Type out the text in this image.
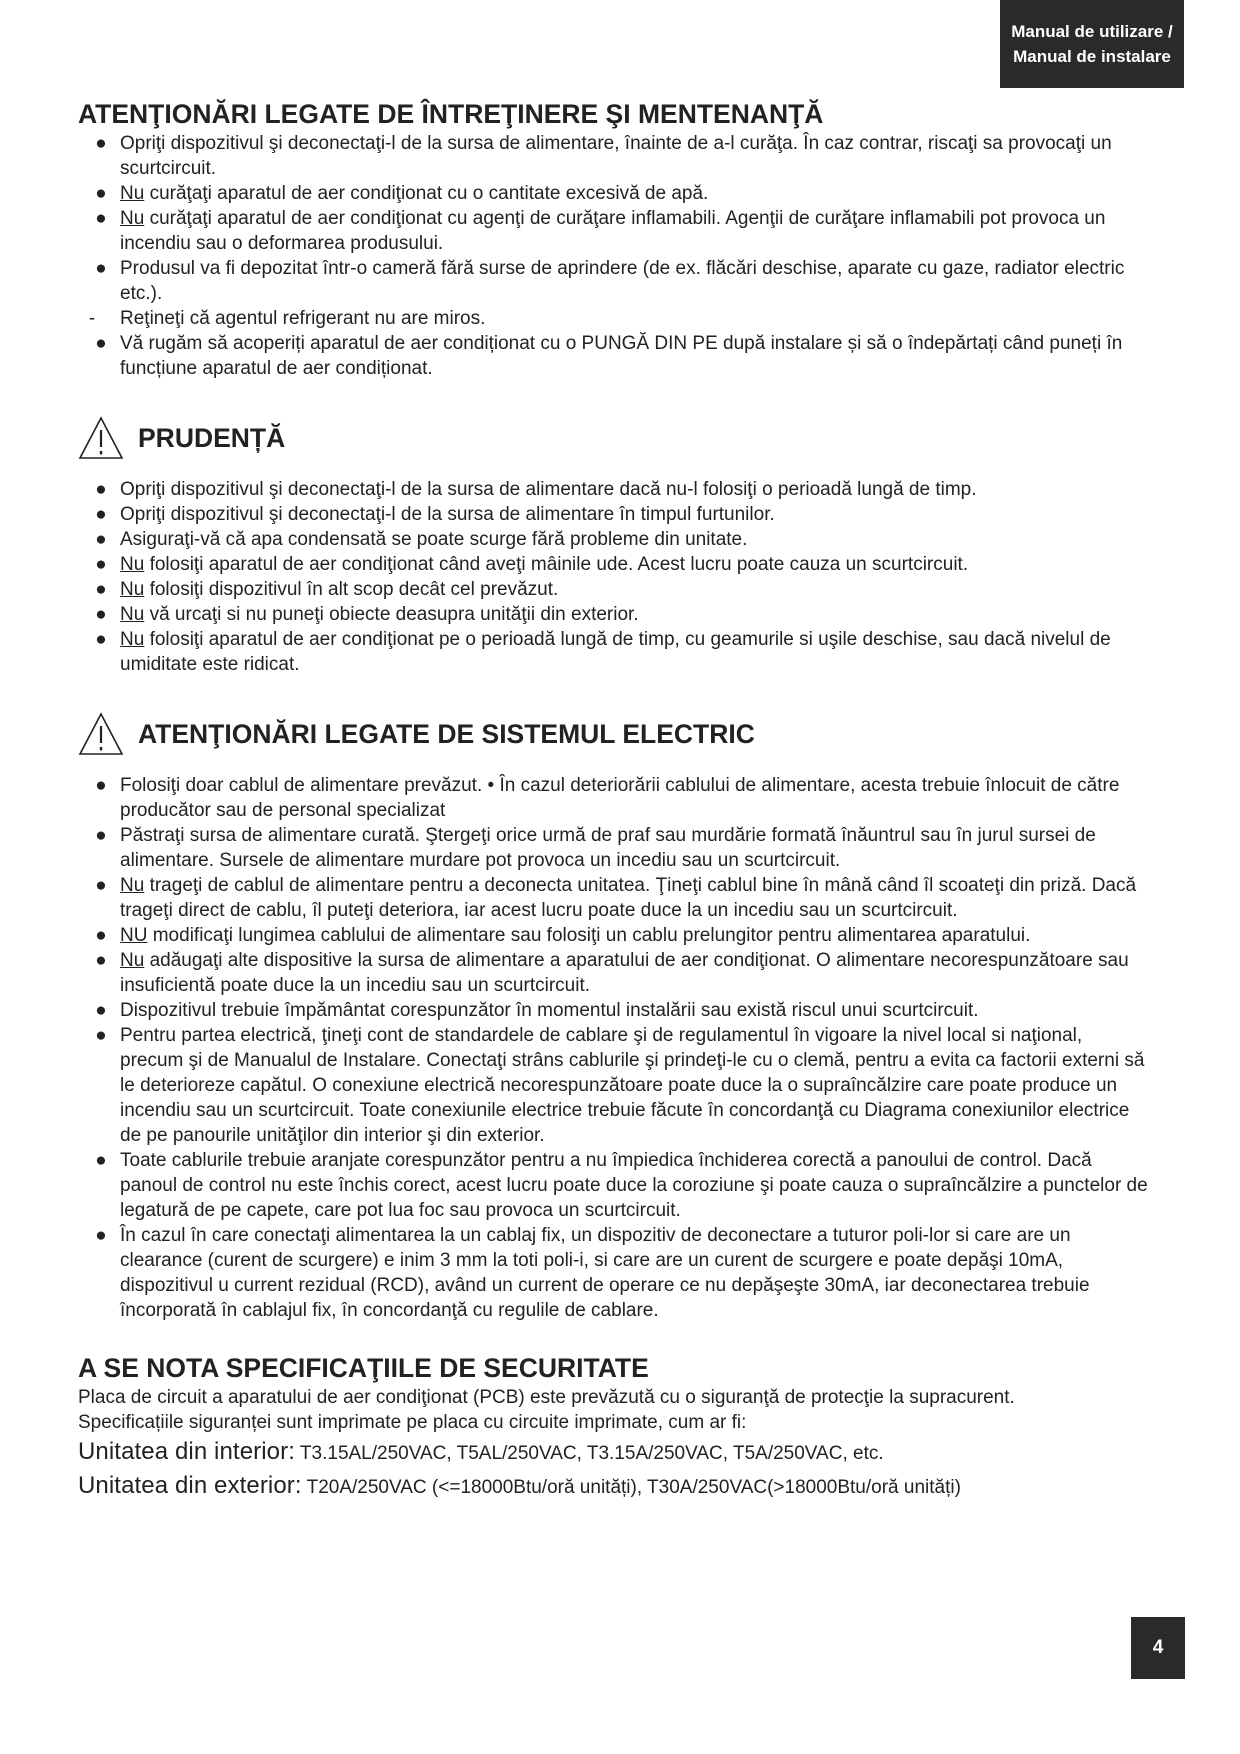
Manual de utilizare /
Manual de instalare
ATENŢIONĂRI LEGATE DE ÎNTREŢINERE ŞI MENTENANŢĂ
● Opriţi dispozitivul şi deconectaţi-l de la sursa de alimentare, înainte de a-l curăţa. În caz contrar, riscaţi sa provocaţi un scurtcircuit.
● Nu curăţaţi aparatul de aer condiţionat cu o cantitate excesivă de apă.
● Nu curăţaţi aparatul de aer condiţionat cu agenţi de curăţare inflamabili. Agenţii de curăţare inflamabili pot provoca un incendiu sau o deformarea produsului.
● Produsul va fi depozitat într-o cameră fără surse de aprindere (de ex. flăcări deschise, aparate cu gaze, radiator electric etc.).
- Reţineţi că agentul refrigerant nu are miros.
● Vă rugăm să acoperiți aparatul de aer condiționat cu o PUNGĂ DIN PE după instalare și să o îndepărtați când puneți în funcțiune aparatul de aer condiționat.
PRUDENȚĂ
● Opriţi dispozitivul şi deconectaţi-l de la sursa de alimentare dacă nu-l folosiţi o perioadă lungă de timp.
● Opriţi dispozitivul şi deconectaţi-l de la sursa de alimentare în timpul furtunilor.
● Asiguraţi-vă că apa condensată se poate scurge fără probleme din unitate.
● Nu folosiţi aparatul de aer condiţionat când aveţi mâinile ude. Acest lucru poate cauza un scurtcircuit.
● Nu folosiţi dispozitivul în alt scop decât cel prevăzut.
● Nu vă urcaţi si nu puneţi obiecte deasupra unităţii din exterior.
● Nu folosiţi aparatul de aer condiţionat pe o perioadă lungă de timp, cu geamurile si uşile deschise, sau dacă nivelul de umiditate este ridicat.
ATENŢIONĂRI LEGATE DE SISTEMUL ELECTRIC
● Folosiţi doar cablul de alimentare prevăzut. • În cazul deteriorării cablului de alimentare, acesta trebuie înlocuit de către producător sau de personal specializat
● Păstraţi sursa de alimentare curată. Ştergeţi orice urmă de praf sau murdărie formată înăuntrul sau în jurul sursei de alimentare. Sursele de alimentare murdare pot provoca un incediu sau un scurtcircuit.
● Nu trageţi de cablul de alimentare pentru a deconecta unitatea. Ţineţi cablul bine în mână când îl scoateţi din priză. Dacă trageţi direct de cablu, îl puteţi deteriora, iar acest lucru poate duce la un incediu sau un scurtcircuit.
● NU modificaţi lungimea cablului de alimentare sau folosiţi un cablu prelungitor pentru alimentarea aparatului.
● Nu adăugaţi alte dispositive la sursa de alimentare a aparatului de aer condiţionat. O alimentare necorespunzătoare sau insuficientă poate duce la un incediu sau un scurtcircuit.
● Dispozitivul trebuie împământat corespunzător în momentul instalării sau există riscul unui scurtcircuit.
● Pentru partea electrică, ţineţi cont de standardele de cablare şi de regulamentul în vigoare la nivel local si naţional, precum şi de Manualul de Instalare. Conectaţi strâns cablurile şi prindeţi-le cu o clemă, pentru a evita ca factorii externi să le deterioreze capătul. O conexiune electrică necorespunzătoare poate duce la o supraîncălzire care poate produce un incendiu sau un scurtcircuit. Toate conexiunile electrice trebuie făcute în concordanţă cu Diagrama conexiunilor electrice de pe panourile unităţilor din interior şi din exterior.
● Toate cablurile trebuie aranjate corespunzător pentru a nu împiedica închiderea corectă a panoului de control. Dacă panoul de control nu este închis corect, acest lucru poate duce la coroziune şi poate cauza o supraîncălzire a punctelor de legatură de pe capete, care pot lua foc sau provoca un scurtcircuit.
● În cazul în care conectaţi alimentarea la un cablaj fix, un dispozitiv de deconectare a tuturor poli-lor si care are un clearance (curent de scurgere) e inim 3 mm la toti poli-i, si care are un curent de scurgere e poate depăşi 10mA, dispozitivul u current rezidual (RCD), având un current de operare ce nu depăşeşte 30mA, iar deconectarea trebuie încorporată în cablajul fix, în concordanţă cu regulile de cablare.
A SE NOTA SPECIFICAŢIILE DE SECURITATE
Placa de circuit a aparatului de aer condiţionat (PCB) este prevăzută cu o siguranţă de protecţie la supracurent.
Specificațiile siguranței sunt imprimate pe placa cu circuite imprimate, cum ar fi:
Unitatea din interior: T3.15AL/250VAC, T5AL/250VAC, T3.15A/250VAC, T5A/250VAC, etc.
Unitatea din exterior: T20A/250VAC (<=18000Btu/oră unități), T30A/250VAC(>18000Btu/oră unități)
4
